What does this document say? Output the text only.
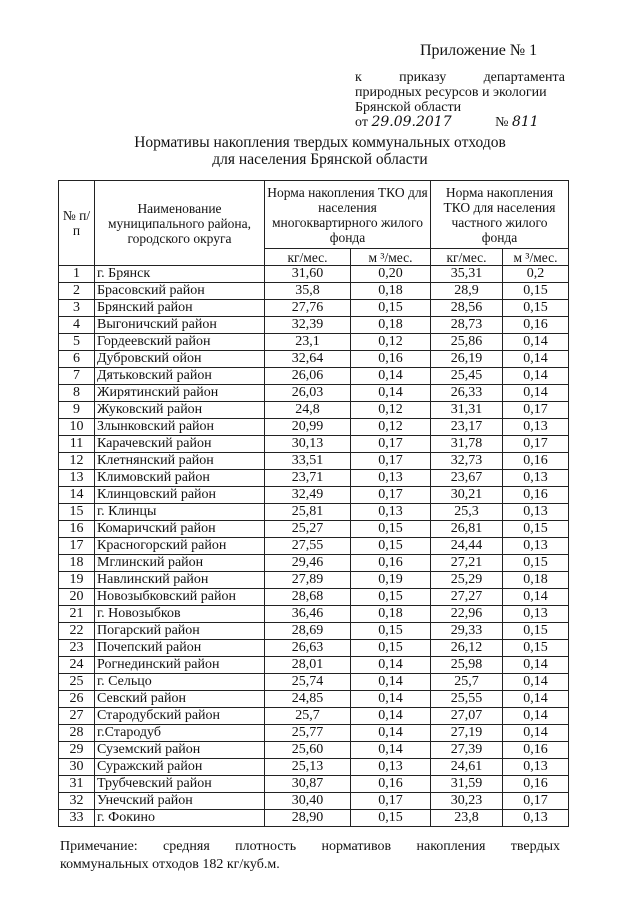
Приложение № 1
к	приказу	департамента
природных ресурсов и экологии
Брянской области
от 29.09.2017	№ 811
Нормативы накопления твердых коммунальных отходов
для населения Брянской области
№ п/п	Наименование муниципального района, городского округа	Норма накопления ТКО для населения многоквартирного жилого фонда		Норма накопления ТКО для населения частного жилого фонда	
		кг/мес.	м ³/мес.	кг/мес.	м ³/мес.
1	г. Брянск	31,60	0,20	35,31	0,2
2	Брасовский район	35,8	0,18	28,9	0,15
3	Брянский район	27,76	0,15	28,56	0,15
4	Выгоничский район	32,39	0,18	28,73	0,16
5	Гордеевский район	23,1	0,12	25,86	0,14
6	Дубровский ойон	32,64	0,16	26,19	0,14
7	Дятьковский район	26,06	0,14	25,45	0,14
8	Жирятинский район	26,03	0,14	26,33	0,14
9	Жуковский район	24,8	0,12	31,31	0,17
10	Злынковский район	20,99	0,12	23,17	0,13
11	Карачевский район	30,13	0,17	31,78	0,17
12	Клетнянский район	33,51	0,17	32,73	0,16
13	Климовский район	23,71	0,13	23,67	0,13
14	Клинцовский район	32,49	0,17	30,21	0,16
15	г. Клинцы	25,81	0,13	25,3	0,13
16	Комаричский район	25,27	0,15	26,81	0,15
17	Красногорский район	27,55	0,15	24,44	0,13
18	Мглинский район	29,46	0,16	27,21	0,15
19	Навлинский район	27,89	0,19	25,29	0,18
20	Новозыбковский район	28,68	0,15	27,27	0,14
21	г. Новозыбков	36,46	0,18	22,96	0,13
22	Погарский район	28,69	0,15	29,33	0,15
23	Почепский район	26,63	0,15	26,12	0,15
24	Рогнединский район	28,01	0,14	25,98	0,14
25	г. Сельцо	25,74	0,14	25,7	0,14
26	Севский район	24,85	0,14	25,55	0,14
27	Стародубский район	25,7	0,14	27,07	0,14
28	г.Стародуб	25,77	0,14	27,19	0,14
29	Суземский район	25,60	0,14	27,39	0,16
30	Суражский район	25,13	0,13	24,61	0,13
31	Трубчевский район	30,87	0,16	31,59	0,16
32	Унечский район	30,40	0,17	30,23	0,17
33	г. Фокино	28,90	0,15	23,8	0,13
Примечание: средняя плотность нормативов накопления твердых
коммунальных отходов 182 кг/куб.м.
